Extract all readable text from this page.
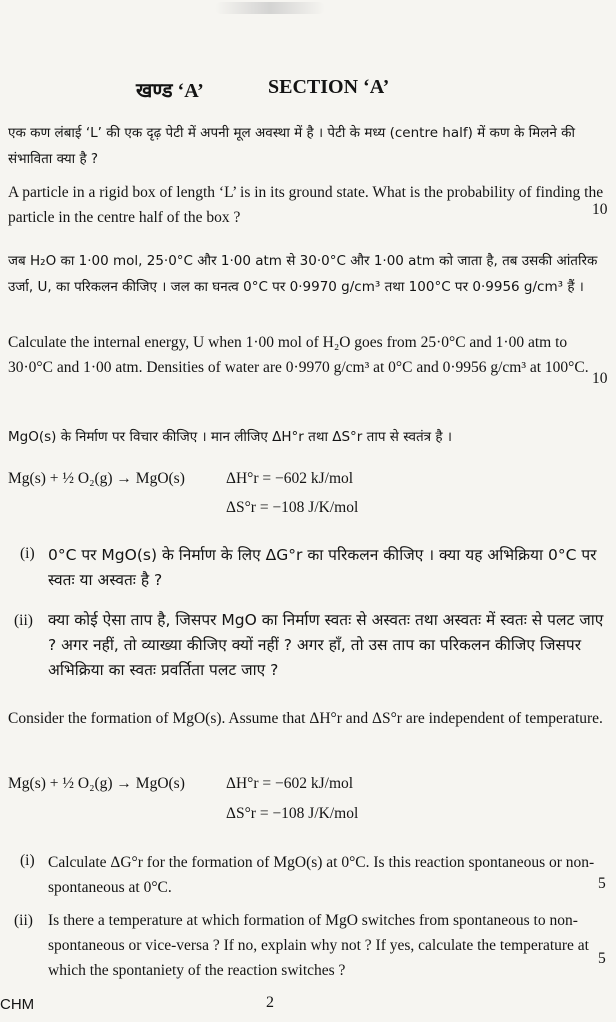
खण्ड ‘A’	SECTION ‘A’

एक कण लंबाई ‘L’ की एक दृढ़ पेटी में अपनी मूल अवस्था में है । पेटी के मध्य (centre half) में कण के मिलने की संभाविता क्या है ?

A particle in a rigid box of length ‘L’ is in its ground state. What is the probability of finding the particle in the centre half of the box ?	10

जब H₂O का 1·00 mol, 25·0°C और 1·00 atm से 30·0°C और 1·00 atm को जाता है, तब उसकी आंतरिक उर्जा, U, का परिकलन कीजिए । जल का घनत्व 0°C पर 0·9970 g/cm³ तथा 100°C पर 0·9956 g/cm³ हैं ।

Calculate the internal energy, U when 1·00 mol of H₂O goes from 25·0°C and 1·00 atm to 30·0°C and 1·00 atm. Densities of water are 0·9970 g/cm³ at 0°C and 0·9956 g/cm³ at 100°C.

10

MgO(s) के निर्माण पर विचार कीजिए । मान लीजिए ΔH°r तथा ΔS°r ताप से स्वतंत्र है ।

Mg(s) + ½ O₂(g) → MgO(s)	ΔH°r = −602 kJ/mol
ΔS°r = −108 J/K/mol
(i) 0°C पर MgO(s) के निर्माण के लिए ΔG°r का परिकलन कीजिए । क्या यह अभिक्रिया 0°C पर स्वतः या अस्वतः है ?

(ii) क्या कोई ऐसा ताप है, जिसपर MgO का निर्माण स्वतः से अस्वतः तथा अस्वतः में स्वतः से पलट जाए ? अगर नहीं, तो व्याख्या कीजिए क्यों नहीं ? अगर हाँ, तो उस ताप का परिकलन कीजिए जिसपर अभिक्रिया का स्वतः प्रवर्तिता पलट जाए ?

Consider the formation of MgO(s). Assume that ΔH°r and ΔS°r are independent of temperature.

Mg(s) + ½ O₂(g) → MgO(s)	ΔH°r = −602 kJ/mol
ΔS°r = −108 J/K/mol
(i) Calculate ΔG°r for the formation of MgO(s) at 0°C. Is this reaction spontaneous or non-spontaneous at 0°C.	5
(ii) Is there a temperature at which formation of MgO switches from spontaneous to non-spontaneous or vice-versa ? If no, explain why not ? If yes, calculate the temperature at which the spontaniety of the reaction switches ?

5
CHM	2
